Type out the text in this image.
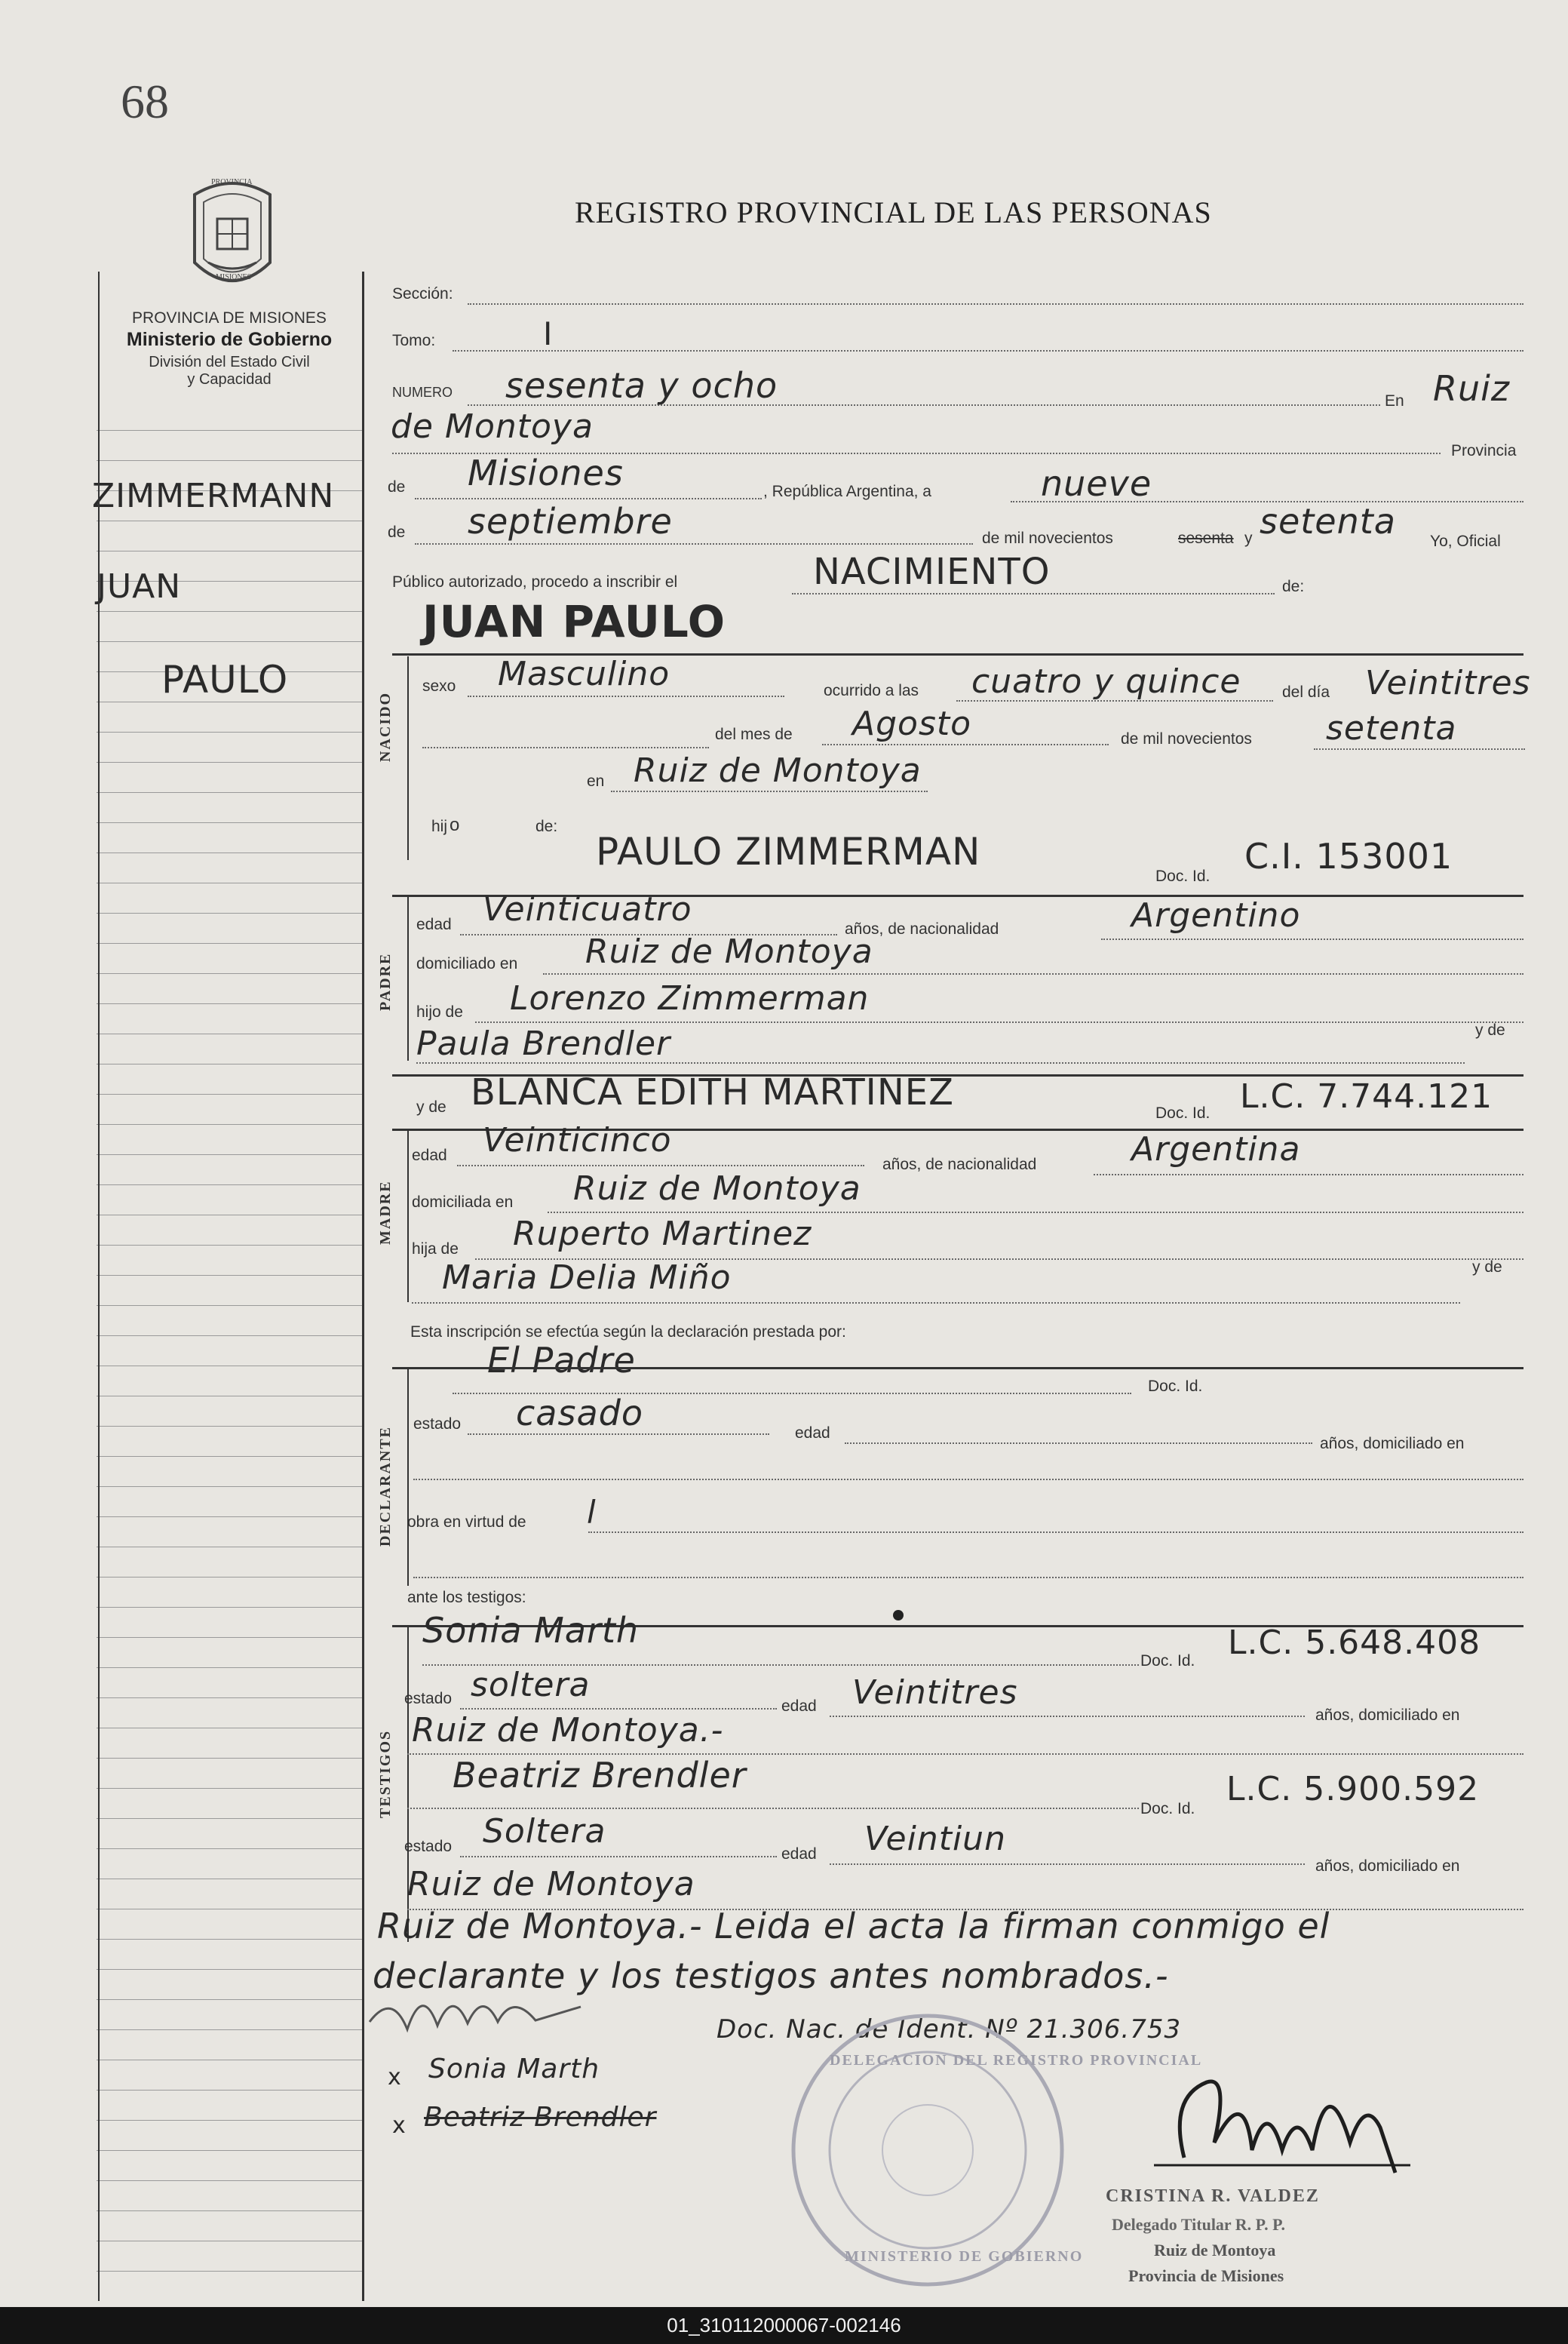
68
PROVINCIA
MISIONES
REGISTRO PROVINCIAL DE LAS PERSONAS
PROVINCIA DE MISIONES
Ministerio de Gobierno
División del Estado Civil
y Capacidad
ZIMMERMANN
JUAN
PAULO
Sección:
Tomo:	I
NUMERO sesenta y ocho	En Ruiz
de Montoya
Provincia
de Misiones	, República Argentina, a	nueve
de septiembre	de mil novecientos	sesenta y setenta Yo, Oficial
Público autorizado, procedo a inscribir el	NACIMIENTO	de:
JUAN PAULO
NACIDO
sexo Masculino	ocurrido a las cuatro y quince	del día Veintitres
del mes de Agosto	de mil novecientos setenta
en Ruiz de Montoya
hij o	de:
PAULO ZIMMERMAN
Doc. Id. C.I. 153001
PADRE
edad Veinticuatro
años, de nacionalidad	Argentino
domiciliado en Ruiz de Montoya
hijo de Lorenzo Zimmerman
Paula Brendler	y de
y de BLANCA EDITH MARTINEZ	Doc. Id. L.C. 7.744.121
MADRE
edad Veinticinco
años, de nacionalidad	Argentina
domiciliada en Ruiz de Montoya
hija de Ruperto Martinez
Maria Delia Miño	y de
Esta inscripción se efectúa según la declaración prestada por:
El Padre
Doc. Id.
DECLARANTE
estado casado	edad
años, domiciliado en
obra en virtud de l
ante los testigos:
TESTIGOS
Sonia Marth
Doc. Id. L.C. 5.648.408
estado soltera
edad Veintitres
años, domiciliado en
Ruiz de Montoya.-
Beatriz Brendler
Doc. Id.
L.C. 5.900.592
estado Soltera
edad Veintiun
años, domiciliado en
Ruiz de Montoya
Ruiz de Montoya.- Leida el acta la firman conmigo el
declarante y los testigos antes nombrados.-
Doc. Nac. de Ident. Nº 21.306.753
x Sonia Marth
x Beatriz Brendler
DELEGACION DEL REGISTRO PROVINCIAL
MINISTERIO DE GOBIERNO
CRISTINA R. VALDEZ
Delegado Titular R. P. P.
Ruiz de Montoya
Provincia de Misiones
01_310112000067-002146
